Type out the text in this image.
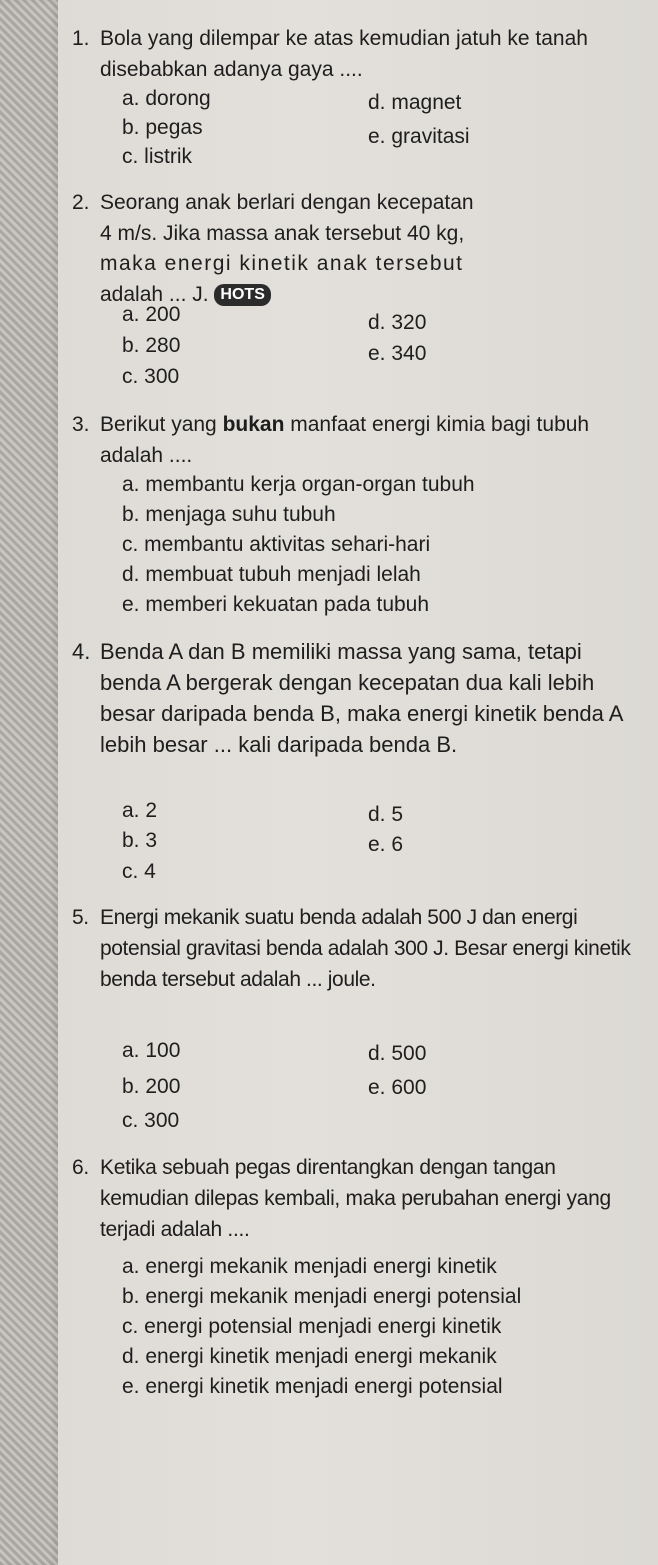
1. Bola yang dilempar ke atas kemudian jatuh ke tanah disebabkan adanya gaya ....
a. dorong
b. pegas
c. listrik
d. magnet
e. gravitasi
2. Seorang anak berlari dengan kecepatan
4 m/s. Jika massa anak tersebut 40 kg,
maka energi kinetik anak tersebut
adalah ... J. HOTS
a. 200
b. 280
c. 300
d. 320
e. 340
3. Berikut yang bukan manfaat energi kimia bagi tubuh adalah ....
a. membantu kerja organ-organ tubuh
b. menjaga suhu tubuh
c. membantu aktivitas sehari-hari
d. membuat tubuh menjadi lelah
e. memberi kekuatan pada tubuh
4. Benda A dan B memiliki massa yang sama, tetapi benda A bergerak dengan kecepatan dua kali lebih besar daripada benda B, maka energi kinetik benda A lebih besar ... kali daripada benda B.
a. 2
b. 3
c. 4
d. 5
e. 6
5. Energi mekanik suatu benda adalah 500 J dan energi potensial gravitasi benda adalah 300 J. Besar energi kinetik benda tersebut adalah ... joule.
a. 100
b. 200
c. 300
d. 500
e. 600
6. Ketika sebuah pegas direntangkan dengan tangan kemudian dilepas kembali, maka perubahan energi yang terjadi adalah ....
a. energi mekanik menjadi energi kinetik
b. energi mekanik menjadi energi potensial
c. energi potensial menjadi energi kinetik
d. energi kinetik menjadi energi mekanik
e. energi kinetik menjadi energi potensial
